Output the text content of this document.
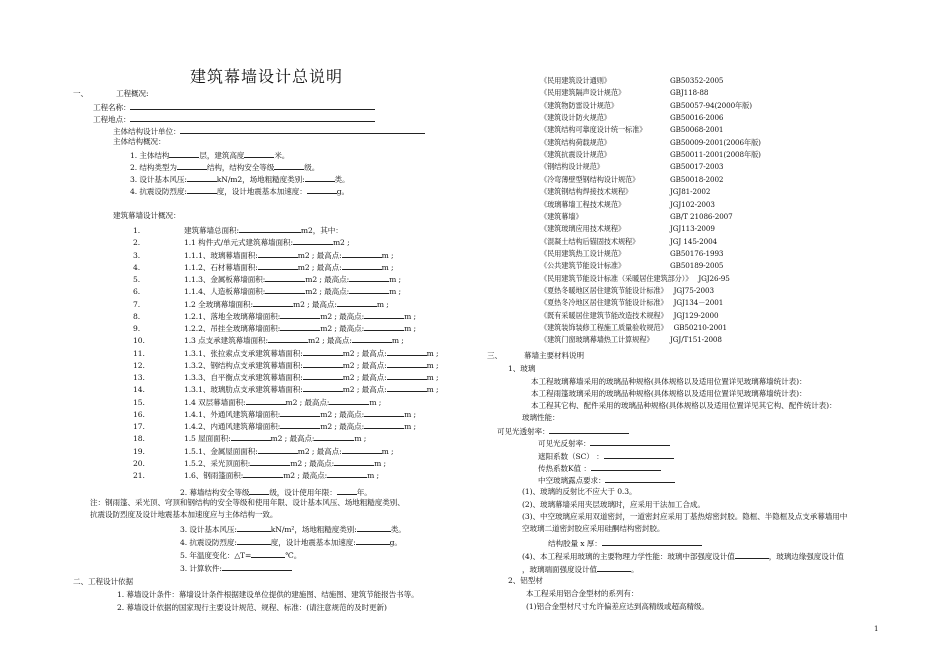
建筑幕墙设计总说明
一、	工程概况:
工程名称：
工程地点：
主体结构设计单位：
主体结构概况：
1. 主体结构	层，建筑高度	米。
2. 结构类型为	结构，结构安全等级	级。
3. 设计基本风压:	kN/m2，场地粗糙度类别:	类。
4. 抗震设防烈度:	度，设计地震基本加速度：	g。
建筑幕墙设计概况：
1.	建筑幕墙总面积:	m2，其中：
2.	1.1 构件式/单元式建筑幕墙面积:	m2 ;
3.	1.1.1、玻璃幕墙面积:	m2 ; 最高点:	m ;
4.	1.1.2、石材幕墙面积:	m2 ; 最高点:	m ;
5.	1.1.3、金属板幕墙面积:	m2 ; 最高点:	m ;
6.	1.1.4、人造板幕墙面积:	m2 ; 最高点:	m ;
7.	1.2 全玻璃幕墙面积:	m2 ; 最高点:	m ;
8.	1.2.1、落地全玻璃幕墙面积:	m2 ; 最高点:	m ;
9.	1.2.2、吊挂全玻璃幕墙面积:	m2 ; 最高点:	m ;
10.	1.3 点支承建筑幕墙面积:	m2 ; 最高点:	m ;
11.	1.3.1、张拉索点支承建筑幕墙面积:	m2 ; 最高点:	m ;
12.	1.3.2、钢结构点支承建筑幕墙面积:	m2 ; 最高点:	m ;
13.	1.3.3、自平衡点支承建筑幕墙面积:	m2 ; 最高点:	m ;
14.	1.3.1、玻璃肋点支承建筑幕墙面积:	m2 ; 最高点:	m ;
15.	1.4 双层幕墙面积:	m2 ; 最高点:	m ;
16.	1.4.1、外通风建筑幕墙面积:	m2 ; 最高点:	m ;
17.	1.4.2、内通风建筑幕墙面积:	m2 ; 最高点:	m ;
18.	1.5 屋面面积:	m2 ; 最高点:	m ;
19.	1.5.1、金属屋面面积:	m2 ; 最高点:	m ;
20.	1.5.2、采光顶面积:	m2 ; 最高点:	m ;
21.	1.6、钢雨篷面积:	m2 ; 最高点:	m ;
2. 幕墙结构安全等级	级，设计使用年限：	年。
注：钢雨篷、采光顶、穹顶和钢结构的安全等级和使用年限、设计基本风压、场地粗糙度类别、
抗震设防烈度及设计地震基本加速度应与主体结构一致。
3. 设计基本风压:	kN/m²，场地粗糙度类别:	类。
4. 抗震设防烈度:	度，设计地震基本加速度:	g。
5. 年温度变化：△T=	℃。
3. 计算软件:
二、工程设计依据
1. 幕墙设计条件：幕墙设计条件根据建设单位提供的建施图、结施图、建筑节能报告书等。
2. 幕墙设计依据的国家现行主要设计规范、规程、标准：(请注意规范的及时更新)
《民用建筑设计通则》	GB50352-2005
《民用建筑隔声设计规范》	GBJ118-88
《建筑物防雷设计规范》	GB50057-94(2000年版)
《建筑设计防火规范》	GB50016-2006
《建筑结构可靠度设计统一标准》	GB50068-2001
《建筑结构荷载规范》	GB50009-2001(2006年版)
《建筑抗震设计规范》	GB50011-2001(2008年版)
《钢结构设计规范》	GB50017-2003
《冷弯薄壁型钢结构设计规范》	GB50018-2002
《建筑钢结构焊接技术规程》	JGJ81-2002
《玻璃幕墙工程技术规范》	JGJ102-2003
《建筑幕墙》	GB/T 21086-2007
《建筑玻璃应用技术规程》	JGJ113-2009
《混凝土结构后锚固技术规程》	JGJ 145-2004
《民用建筑热工设计规范》	GB50176-1993
《公共建筑节能设计标准》	GB50189-2005
《民用建筑节能设计标准（采暖居住建筑部分）》 JGJ26-95
《夏热冬暖地区居住建筑节能设计标准》 JGJ75-2003
《夏热冬冷地区居住建筑节能设计标准》 JGJ134－2001
《既有采暖居住建筑节能改造技术规程》 JGJ129-2000
《建筑装饰装修工程施工质量验收规范》 GB50210-2001
《建筑门窗玻璃幕墙热工计算规程》 JGJ/T151-2008
三、	幕墙主要材料说明
1、玻璃
本工程玻璃幕墙采用的玻璃品种规格(具体规格以及适用位置详见玻璃幕墙统计表)：
本工程雨篷玻璃采用的玻璃品种规格(具体规格以及适用位置详见玻璃幕墙统计表)：
本工程其它构、配件采用的玻璃品种规格(具体规格以及适用位置详见其它构、配件统计表)：
玻璃性能：
可见光透射率：
可见光反射率：
遮阳系数（SC） ：
传热系数K值 ：
中空玻璃露点要求：
(1)、玻璃的反射比不应大于 0.3。
(2)、玻璃幕墙采用夹层玻璃时，应采用干法加工合成。
(3)、中空玻璃应采用双道密封，一道密封应采用丁基热熔密封胶。隐框、半隐框及点支承幕墙用中
空玻璃二道密封胶应采用硅酮结构密封胶。
结构胶量 x 厚：
(4)、本工程采用玻璃的主要物理力学性能：玻璃中部强度设计值	，玻璃边缘强度设计值
，玻璃端面强度设计值	。
2、铝型材
本工程采用铝合金型材的系列有：
(1)铝合金型材尺寸允许偏差应达到高精级或超高精级。
1
